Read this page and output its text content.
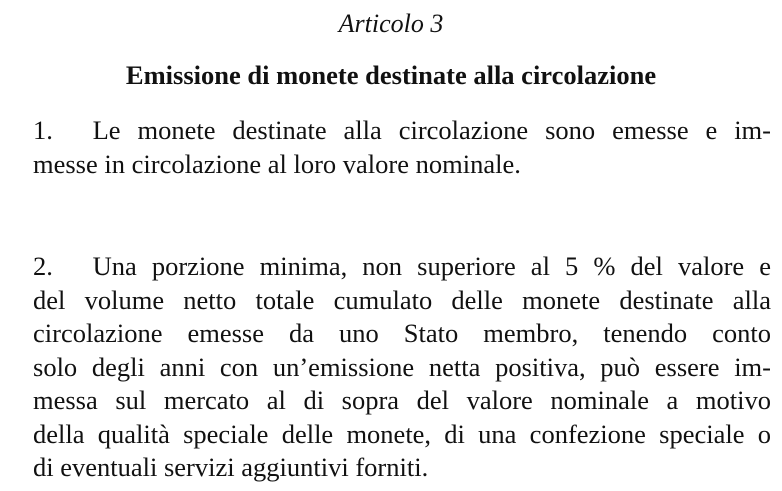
Articolo 3
Emissione di monete destinate alla circolazione
1.  Le monete destinate alla circolazione sono emesse e im-
messe in circolazione al loro valore nominale.
2.  Una porzione minima, non superiore al 5 % del valore e
del volume netto totale cumulato delle monete destinate alla
circolazione emesse da uno Stato membro, tenendo conto
solo degli anni con un’emissione netta positiva, può essere im-
messa sul mercato al di sopra del valore nominale a motivo
della qualità speciale delle monete, di una confezione speciale o
di eventuali servizi aggiuntivi forniti.
